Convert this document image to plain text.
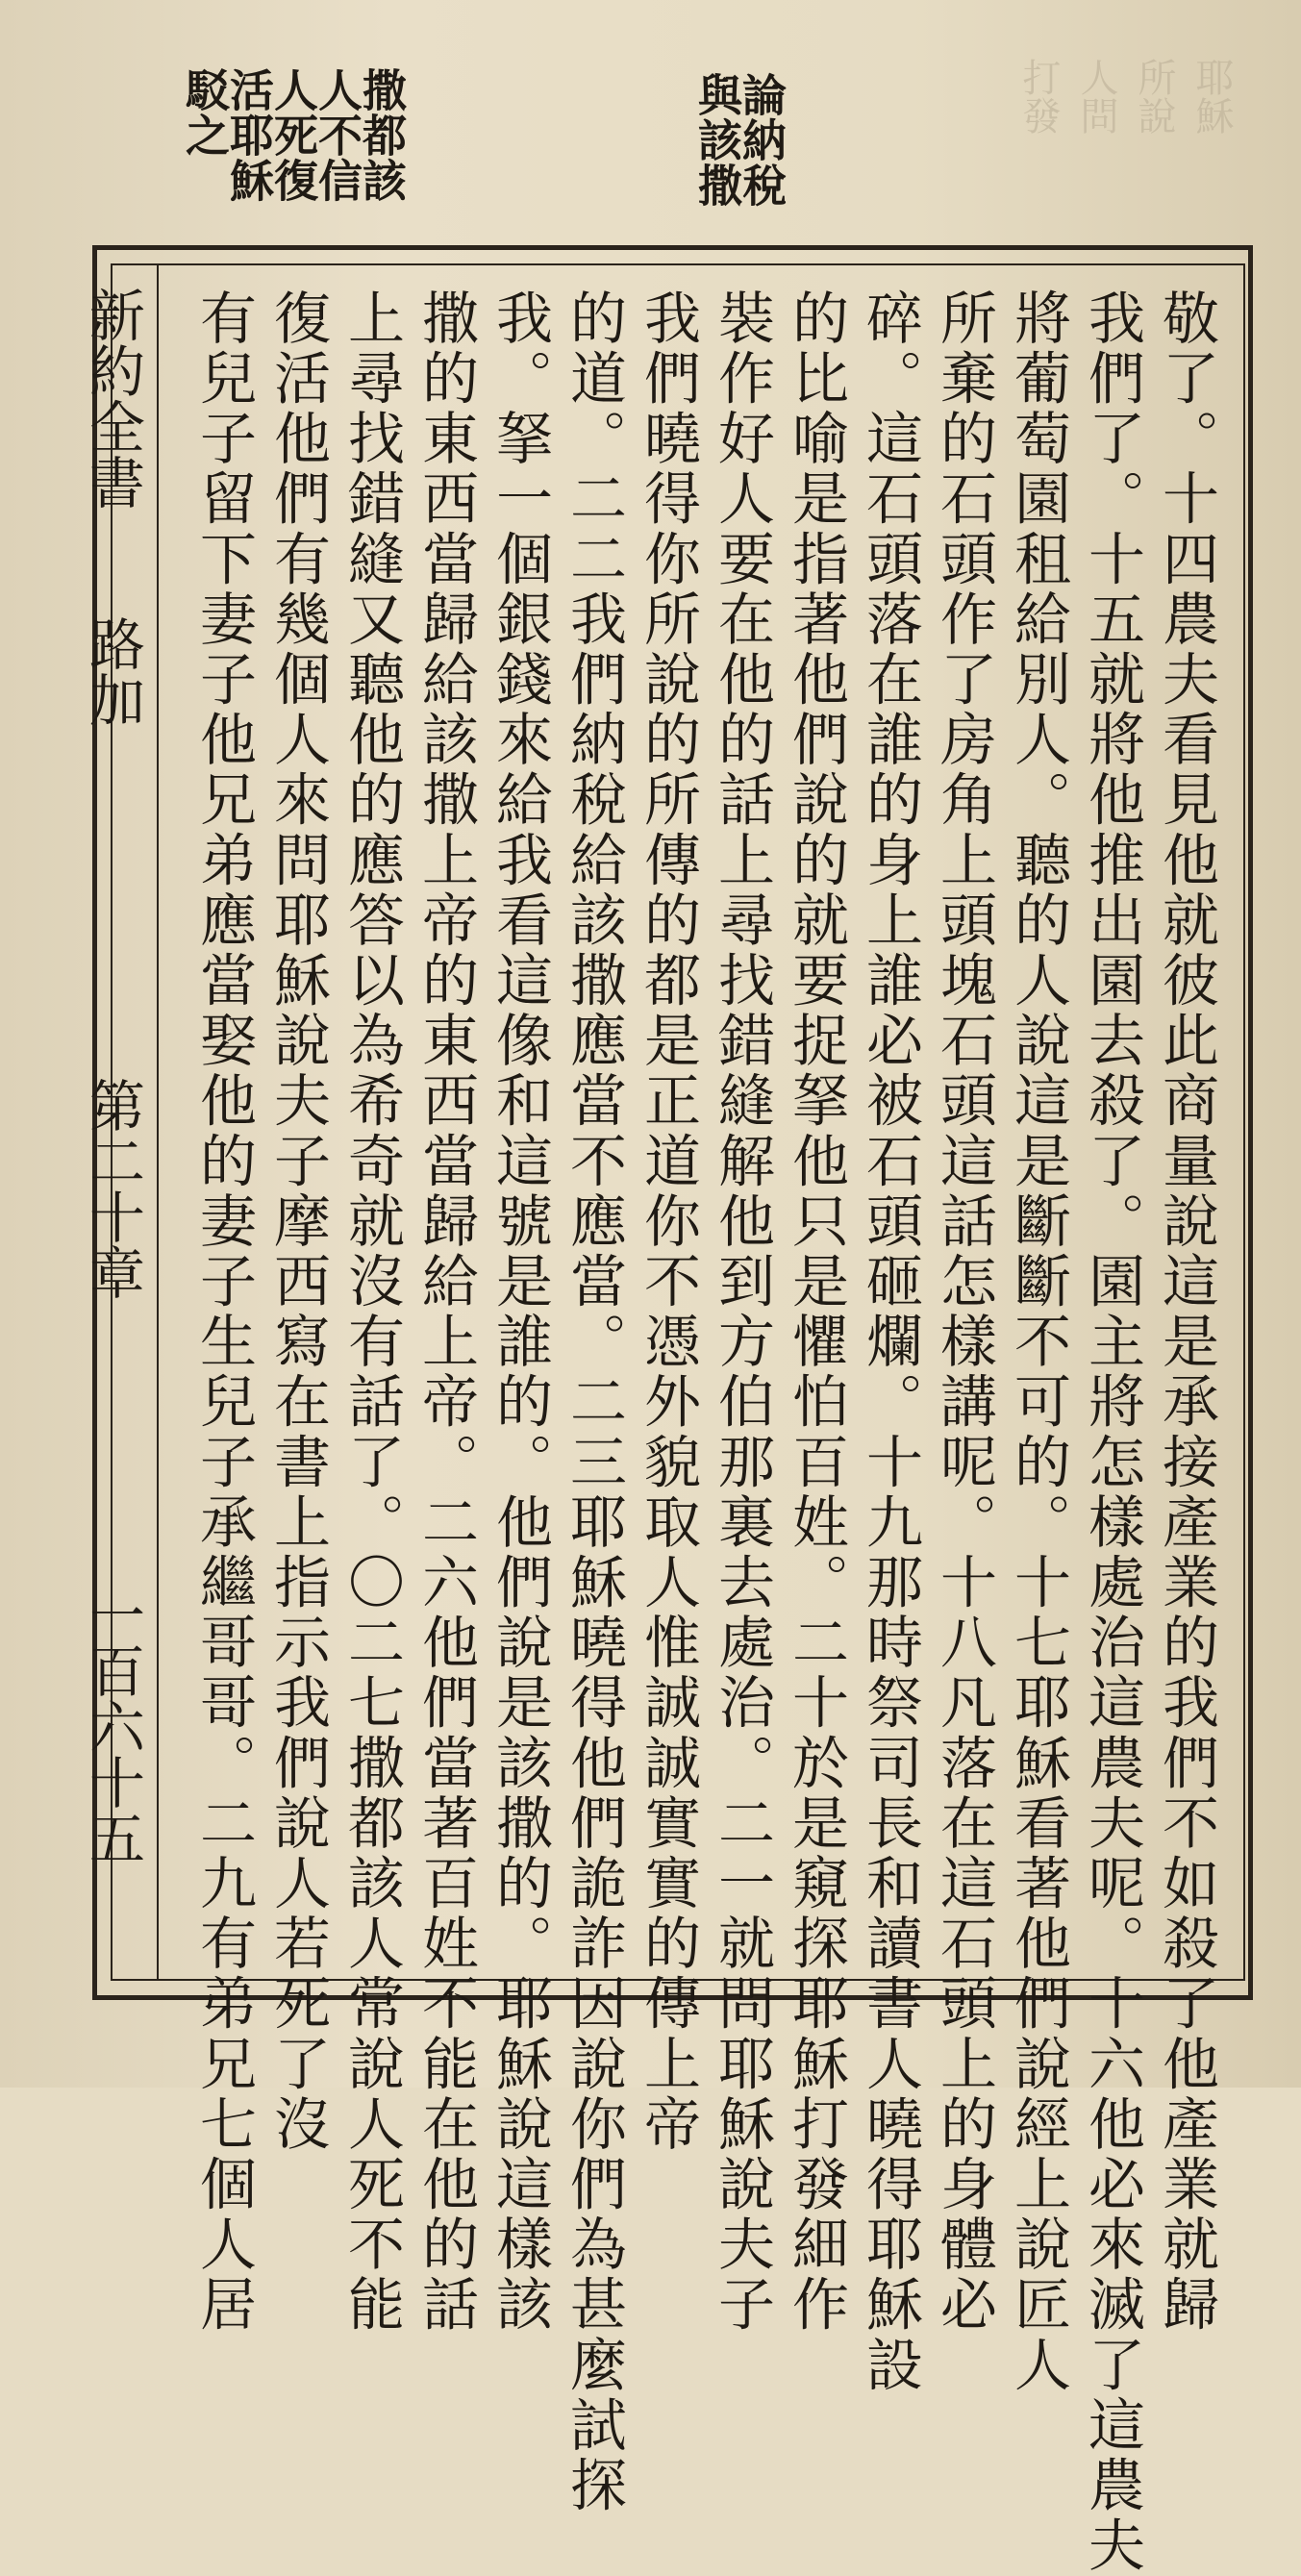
耶穌
所說
人問
打發
論納稅與該撒
撒都該人不信人死復活耶穌駁之
新約全書
路加
第二十章
一百六十五	敬了。十四農夫看見他就彼此商量說這是承接產業的我們不如殺了他產業就歸
我們了。十五就將他推出園去殺了。園主將怎樣處治這農夫呢。十六他必來滅了這農夫
將葡萄園租給別人。聽的人說這是斷斷不可的。十七耶穌看著他們說經上說匠人
所棄的石頭作了房角上頭塊石頭這話怎樣講呢。十八凡落在這石頭上的身體必
碎。這石頭落在誰的身上誰必被石頭砸爛。十九那時祭司長和讀書人曉得耶穌設
的比喻是指著他們說的就要捉拏他只是懼怕百姓。二十於是窺探耶穌打發細作
裝作好人要在他的話上尋找錯縫解他到方伯那裏去處治。二一就問耶穌說夫子
我們曉得你所說的所傳的都是正道你不憑外貌取人惟誠誠實實的傳上帝
的道。二二我們納稅給該撒應當不應當。二三耶穌曉得他們詭詐因說你們為甚麼試探
我。拏一個銀錢來給我看這像和這號是誰的。他們說是該撒的。耶穌說這樣該
撒的東西當歸給該撒上帝的東西當歸給上帝。二六他們當著百姓不能在他的話
上尋找錯縫又聽他的應答以為希奇就沒有話了。〇二七撒都該人常說人死不能
復活他們有幾個人來問耶穌說夫子摩西寫在書上指示我們說人若死了沒
有兒子留下妻子他兄弟應當娶他的妻子生兒子承繼哥哥。二九有弟兄七個人居
